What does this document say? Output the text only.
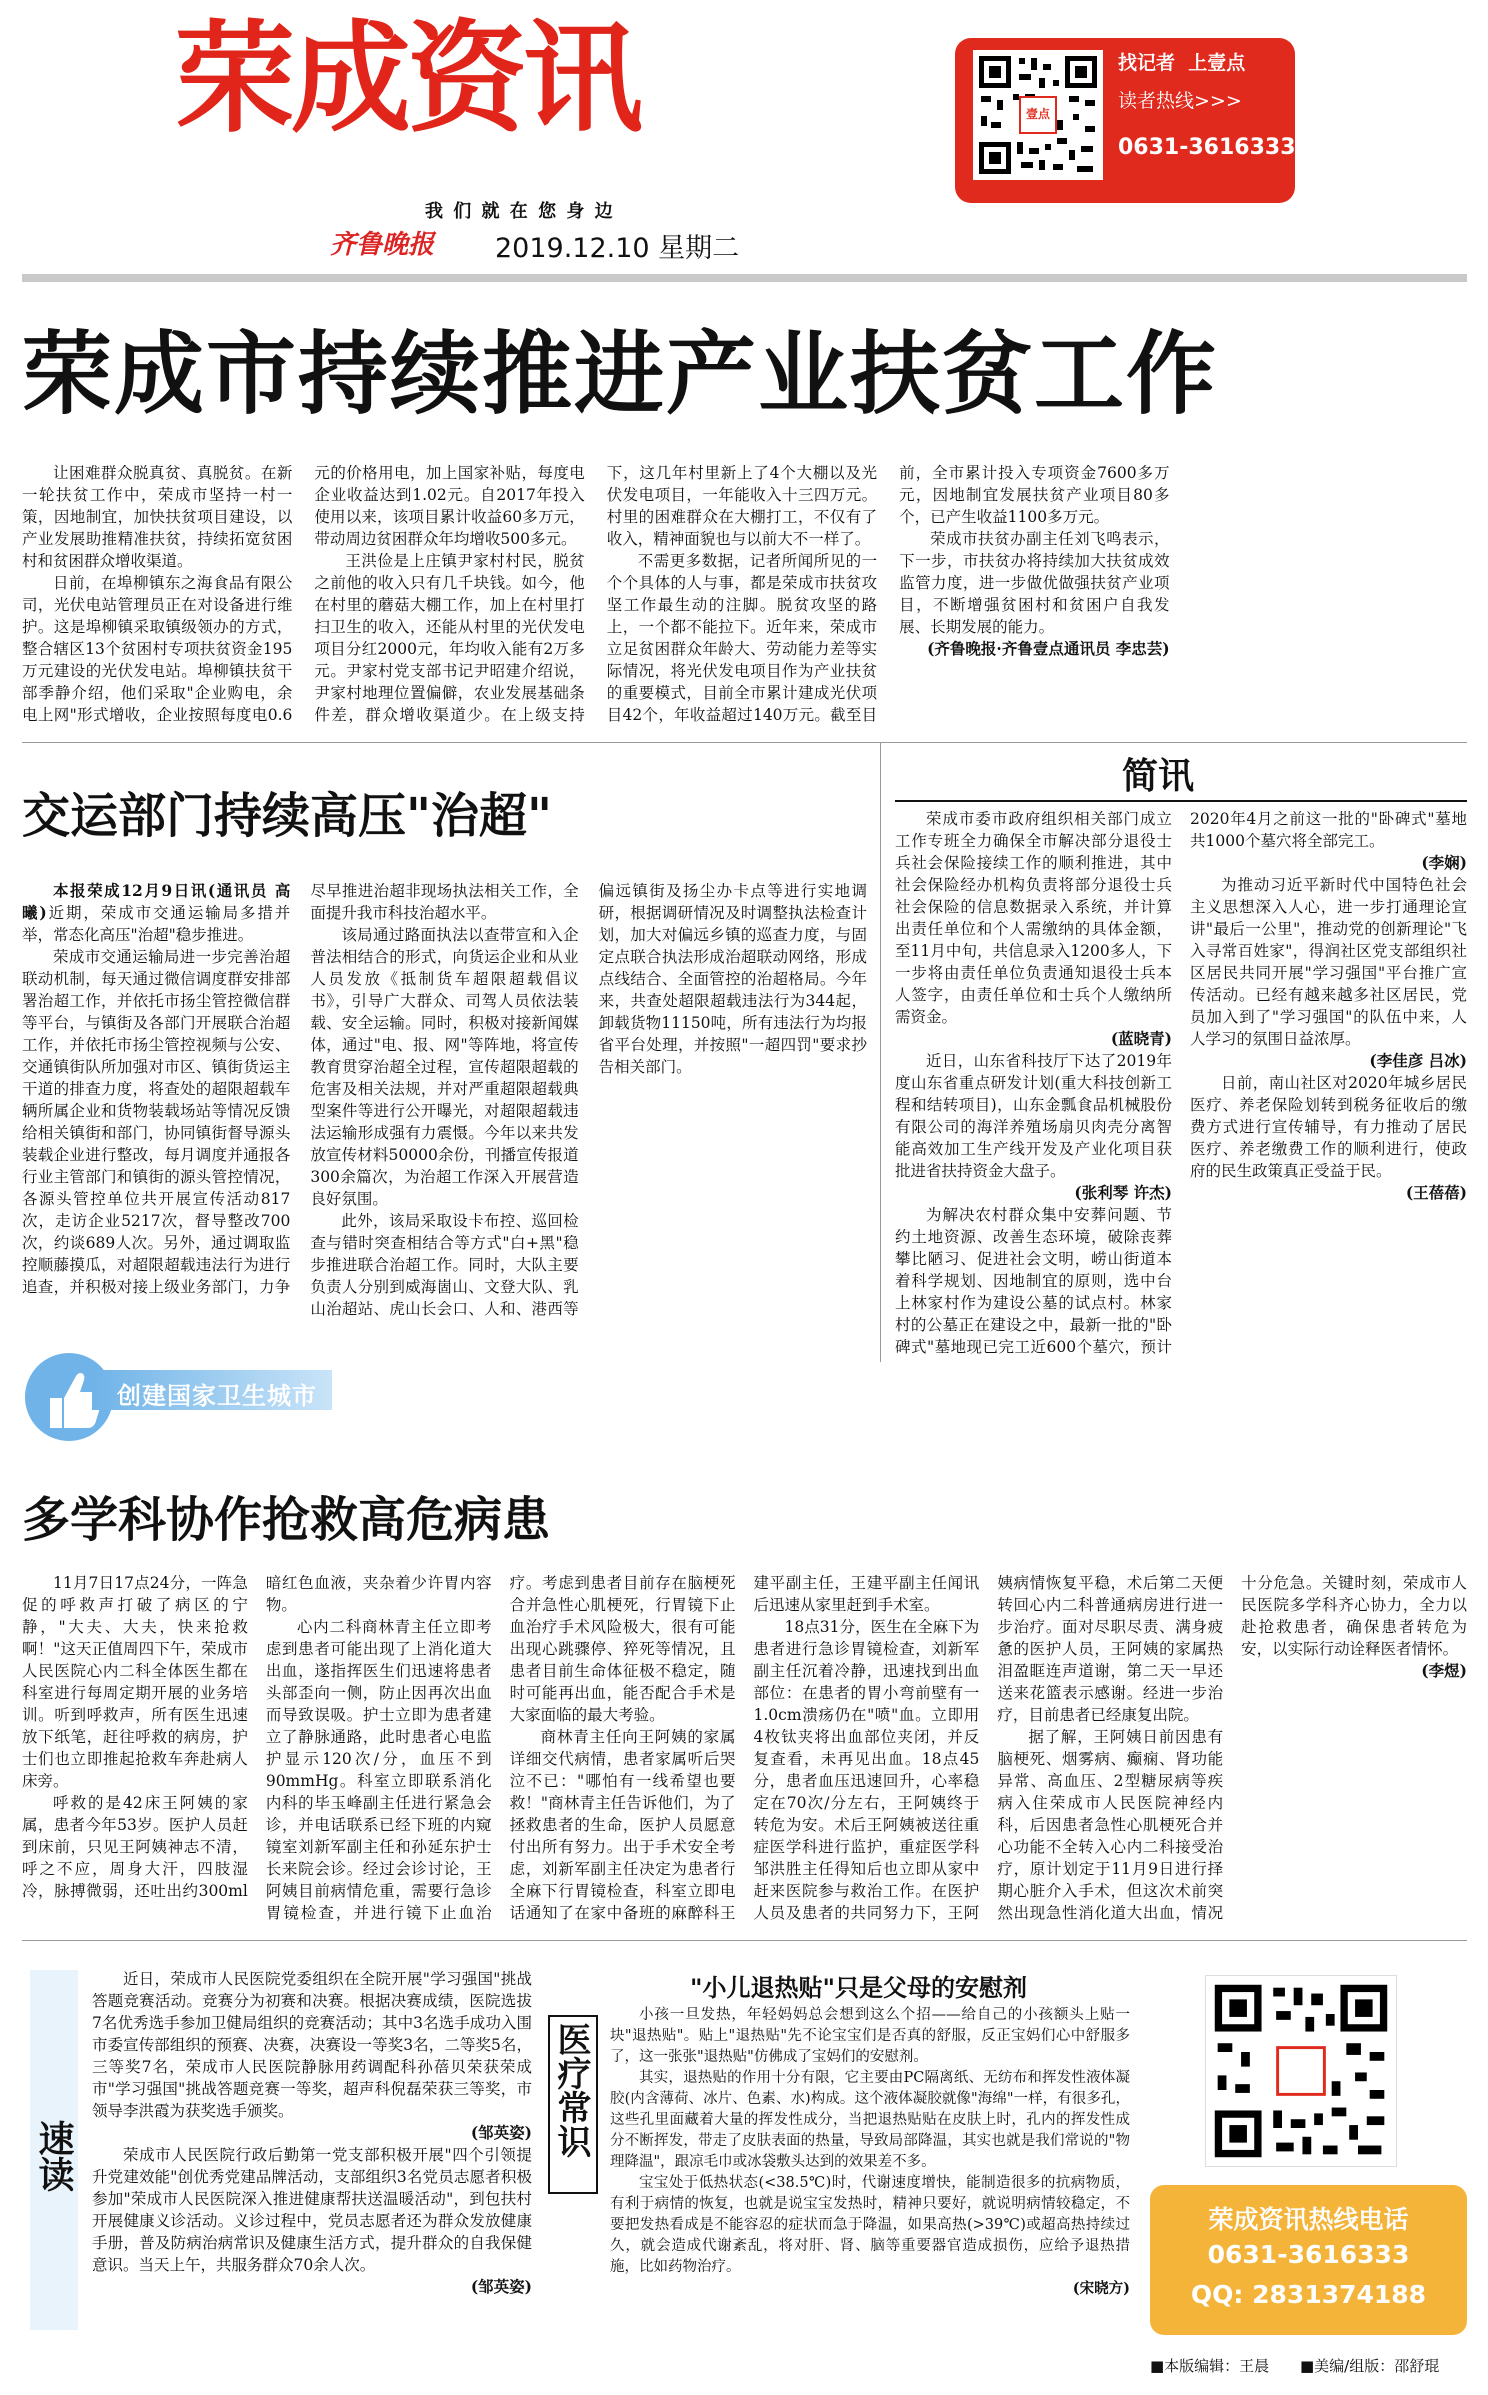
荣成资讯
我 们 就 在 您 身 边
齐鲁晚报 2019.12.10 星期二
壹点
找记者  上壹点
读者热线>>>
0631-3616333
荣成市持续推进产业扶贫工作

让困难群众脱真贫、真脱贫。在新一轮扶贫工作中，荣成市坚持一村一策，因地制宜，加快扶贫项目建设，以产业发展助推精准扶贫，持续拓宽贫困村和贫困群众增收渠道。

日前，在埠柳镇东之海食品有限公司，光伏电站管理员正在对设备进行维护。这是埠柳镇采取镇级领办的方式，整合辖区13个贫困村专项扶贫资金195万元建设的光伏发电站。埠柳镇扶贫干部季静介绍，他们采取"企业购电，余电上网"形式增收，企业按照每度电0.6元的价格用电，加上国家补贴，每度电企业收益达到1.02元。自2017年投入使用以来，该项目累计收益60多万元，带动周边贫困群众年均增收500多元。

王洪俭是上庄镇尹家村村民，脱贫之前他的收入只有几千块钱。如今，他在村里的蘑菇大棚工作，加上在村里打扫卫生的收入，还能从村里的光伏发电项目分红2000元，年均收入能有2万多元。尹家村党支部书记尹昭建介绍说，尹家村地理位置偏僻，农业发展基础条件差，群众增收渠道少。在上级支持下，这几年村里新上了4个大棚以及光伏发电项目，一年能收入十三四万元。村里的困难群众在大棚打工，不仅有了收入，精神面貌也与以前大不一样了。

不需更多数据，记者所闻所见的一个个具体的人与事，都是荣成市扶贫攻坚工作最生动的注脚。脱贫攻坚的路上，一个都不能拉下。近年来，荣成市立足贫困群众年龄大、劳动能力差等实际情况，将光伏发电项目作为产业扶贫的重要模式，目前全市累计建成光伏项目42个，年收益超过140万元。截至目前，全市累计投入专项资金7600多万元，因地制宜发展扶贫产业项目80多个，已产生收益1100多万元。

荣成市扶贫办副主任刘飞鸣表示，下一步，市扶贫办将持续加大扶贫成效监管力度，进一步做优做强扶贫产业项目，不断增强贫困村和贫困户自我发展、长期发展的能力。

(齐鲁晚报·齐鲁壹点通讯员 李忠芸)
交运部门持续高压"治超"

本报荣成12月9日讯(通讯员 高曦)近期，荣成市交通运输局多措并举，常态化高压"治超"稳步推进。

荣成市交通运输局进一步完善治超联动机制，每天通过微信调度群安排部署治超工作，并依托市扬尘管控微信群等平台，与镇街及各部门开展联合治超工作，并依托市扬尘管控视频与公安、交通镇街队所加强对市区、镇街货运主干道的排查力度，将查处的超限超载车辆所属企业和货物装载场站等情况反馈给相关镇街和部门，协同镇街督导源头装载企业进行整改，每月调度并通报各行业主管部门和镇街的源头管控情况，各源头管控单位共开展宣传活动817次，走访企业5217次，督导整改700次，约谈689人次。另外，通过调取监控顺藤摸瓜，对超限超载违法行为进行追查，并积极对接上级业务部门，力争尽早推进治超非现场执法相关工作，全面提升我市科技治超水平。

该局通过路面执法以查带宣和入企普法相结合的形式，向货运企业和从业人员发放《抵制货车超限超载倡议书》，引导广大群众、司驾人员依法装载、安全运输。同时，积极对接新闻媒体，通过"电、报、网"等阵地，将宣传教育贯穿治超全过程，宣传超限超载的危害及相关法规，并对严重超限超载典型案件等进行公开曝光，对超限超载违法运输形成强有力震慑。今年以来共发放宣传材料50000余份，刊播宣传报道300余篇次，为治超工作深入开展营造良好氛围。

此外，该局采取设卡布控、巡回检查与错时突查相结合等方式"白+黑"稳步推进联合治超工作。同时，大队主要负责人分别到威海崮山、文登大队、乳山治超站、虎山长会口、人和、港西等偏远镇街及扬尘办卡点等进行实地调研，根据调研情况及时调整执法检查计划，加大对偏远乡镇的巡查力度，与固定点联合执法形成治超联动网络，形成点线结合、全面管控的治超格局。今年来，共查处超限超载违法行为344起，卸载货物11150吨，所有违法行为均报省平台处理，并按照"一超四罚"要求抄告相关部门。

简讯

荣成市委市政府组织相关部门成立工作专班全力确保全市解决部分退役士兵社会保险接续工作的顺利推进，其中社会保险经办机构负责将部分退役士兵社会保险的信息数据录入系统，并计算出责任单位和个人需缴纳的具体金额，至11月中旬，共信息录入1200多人，下一步将由责任单位负责通知退役士兵本人签字，由责任单位和士兵个人缴纳所需资金。

(蓝晓青)

近日，山东省科技厅下达了2019年度山东省重点研发计划(重大科技创新工程和结转项目)，山东金瓢食品机械股份有限公司的海洋养殖场扇贝肉壳分离智能高效加工生产线开发及产业化项目获批进省扶持资金大盘子。

(张利琴 许杰)

为解决农村群众集中安葬问题、节约土地资源、改善生态环境，破除丧葬攀比陋习、促进社会文明，崂山街道本着科学规划、因地制宜的原则，选中台上林家村作为建设公墓的试点村。林家村的公墓正在建设之中，最新一批的"卧碑式"墓地现已完工近600个墓穴，预计2020年4月之前这一批的"卧碑式"墓地共1000个墓穴将全部完工。

(李娴)

为推动习近平新时代中国特色社会主义思想深入人心，进一步打通理论宣讲"最后一公里"，推动党的创新理论"飞入寻常百姓家"，得润社区党支部组织社区居民共同开展"学习强国"平台推广宣传活动。已经有越来越多社区居民，党员加入到了"学习强国"的队伍中来，人人学习的氛围日益浓厚。

(李佳彦 吕冰)

日前，南山社区对2020年城乡居民医疗、养老保险划转到税务征收后的缴费方式进行宣传辅导，有力推动了居民医疗、养老缴费工作的顺利进行，使政府的民生政策真正受益于民。

(王蓓蓓)
创建国家卫生城市
多学科协作抢救高危病患

11月7日17点24分，一阵急促的呼救声打破了病区的宁静，"大夫、大夫，快来抢救啊！"这天正值周四下午，荣成市人民医院心内二科全体医生都在科室进行每周定期开展的业务培训。听到呼救声，所有医生迅速放下纸笔，赶往呼救的病房，护士们也立即推起抢救车奔赴病人床旁。

呼救的是42床王阿姨的家属，患者今年53岁。医护人员赶到床前，只见王阿姨神志不清，呼之不应，周身大汗，四肢湿冷，脉搏微弱，还吐出约300ml暗红色血液，夹杂着少许胃内容物。

心内二科商林青主任立即考虑到患者可能出现了上消化道大出血，遂指挥医生们迅速将患者头部歪向一侧，防止因再次出血而导致误吸。护士立即为患者建立了静脉通路，此时患者心电监护显示120次/分，血压不到90mmHg。科室立即联系消化内科的毕玉峰副主任进行紧急会诊，并电话联系已经下班的内窥镜室刘新军副主任和孙延东护士长来院会诊。经过会诊讨论，王阿姨目前病情危重，需要行急诊胃镜检查，并进行镜下止血治疗。考虑到患者目前存在脑梗死合并急性心肌梗死，行胃镜下止血治疗手术风险极大，很有可能出现心跳骤停、猝死等情况，且患者目前生命体征极不稳定，随时可能再出血，能否配合手术是大家面临的最大考验。

商林青主任向王阿姨的家属详细交代病情，患者家属听后哭泣不已："哪怕有一线希望也要救！"商林青主任告诉他们，为了拯救患者的生命，医护人员愿意付出所有努力。出于手术安全考虑，刘新军副主任决定为患者行全麻下行胃镜检查，科室立即电话通知了在家中备班的麻醉科王建平副主任，王建平副主任闻讯后迅速从家里赶到手术室。

18点31分，医生在全麻下为患者进行急诊胃镜检查，刘新军副主任沉着冷静，迅速找到出血部位：在患者的胃小弯前壁有一1.0cm溃疡仍在"喷"血。立即用4枚钛夹将出血部位夹闭，并反复查看，未再见出血。18点45分，患者血压迅速回升，心率稳定在70次/分左右，王阿姨终于转危为安。术后王阿姨被送往重症医学科进行监护，重症医学科邹洪胜主任得知后也立即从家中赶来医院参与救治工作。在医护人员及患者的共同努力下，王阿姨病情恢复平稳，术后第二天便转回心内二科普通病房进行进一步治疗。面对尽职尽责、满身疲惫的医护人员，王阿姨的家属热泪盈眶连声道谢，第二天一早还送来花篮表示感谢。经进一步治疗，目前患者已经康复出院。

据了解，王阿姨日前因患有脑梗死、烟雾病、癫痫、肾功能异常、高血压、2型糖尿病等疾病入住荣成市人民医院神经内科，后因患者急性心肌梗死合并心功能不全转入心内二科接受治疗，原计划定于11月9日进行择期心脏介入手术，但这次术前突然出现急性消化道大出血，情况十分危急。关键时刻，荣成市人民医院多学科齐心协力，全力以赴抢救患者，确保患者转危为安，以实际行动诠释医者情怀。

(李煜)
速读

近日，荣成市人民医院党委组织在全院开展"学习强国"挑战答题竞赛活动。竞赛分为初赛和决赛。根据决赛成绩，医院选拔7名优秀选手参加卫健局组织的竞赛活动；其中3名选手成功入围市委宣传部组织的预赛、决赛，决赛设一等奖3名，二等奖5名，三等奖7名，荣成市人民医院静脉用药调配科孙蓓贝荣获荣成市"学习强国"挑战答题竞赛一等奖，超声科倪磊荣获三等奖，市领导李洪霞为获奖选手颁奖。

(邹英姿)

荣成市人民医院行政后勤第一党支部积极开展"四个引领提升党建效能"创优秀党建品牌活动，支部组织3名党员志愿者积极参加"荣成市人民医院深入推进健康帮扶送温暖活动"，到包扶村开展健康义诊活动。义诊过程中，党员志愿者还为群众发放健康手册，普及防病治病常识及健康生活方式，提升群众的自我保健意识。当天上午，共服务群众70余人次。

(邹英姿)
医疗常识
"小儿退热贴"只是父母的安慰剂

小孩一旦发热，年轻妈妈总会想到这么个招——给自己的小孩额头上贴一块"退热贴"。贴上"退热贴"先不论宝宝们是否真的舒服，反正宝妈们心中舒服多了，这一张张"退热贴"仿佛成了宝妈们的安慰剂。

其实，退热贴的作用十分有限，它主要由PC隔离纸、无纺布和挥发性液体凝胶(内含薄荷、冰片、色素、水)构成。这个液体凝胶就像"海绵"一样，有很多孔，这些孔里面藏着大量的挥发性成分，当把退热贴贴在皮肤上时，孔内的挥发性成分不断挥发，带走了皮肤表面的热量，导致局部降温，其实也就是我们常说的"物理降温"，跟凉毛巾或冰袋敷头达到的效果差不多。

宝宝处于低热状态(<38.5℃)时，代谢速度增快，能制造很多的抗病物质，有利于病情的恢复，也就是说宝宝发热时，精神只要好，就说明病情较稳定，不要把发热看成是不能容忍的症状而急于降温，如果高热(>39℃)或超高热持续过久，就会造成代谢紊乱，将对肝、肾、脑等重要器官造成损伤，应给予退热措施，比如药物治疗。

(宋晓方)
荣成资讯热线电话
0631-3616333
QQ: 2831374188
■本版编辑：王晨 ■美编/组版：邵舒琨
